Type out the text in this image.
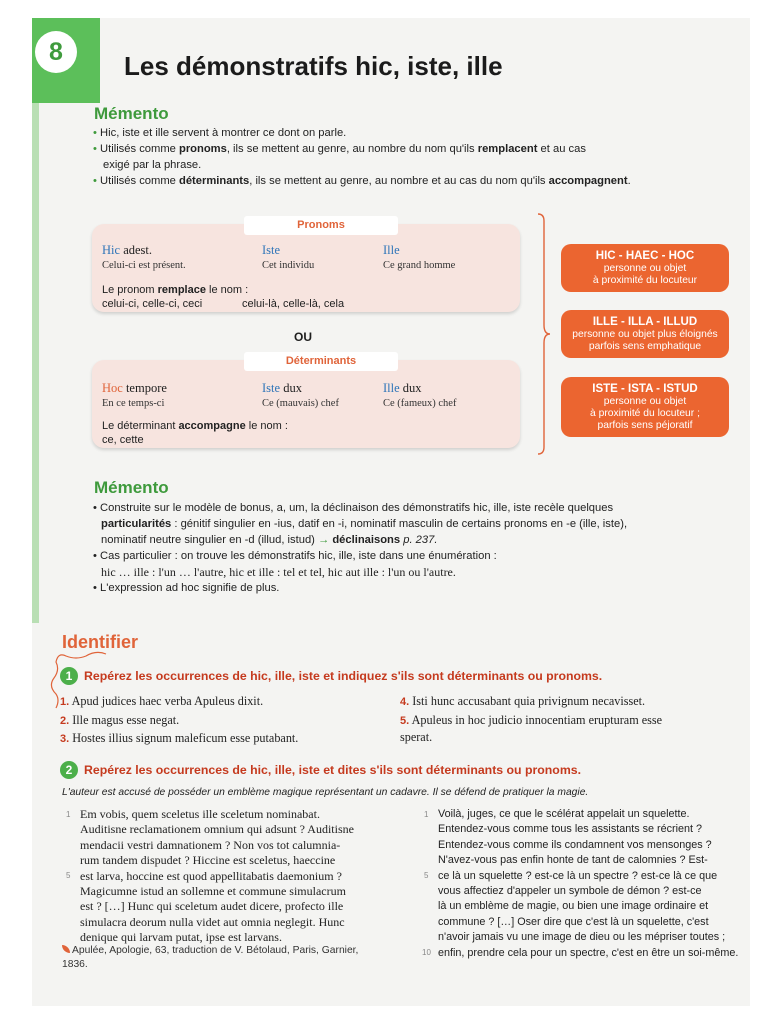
8	Les démonstratifs hic, iste, ille
Mémento
• Hic, iste et ille servent à montrer ce dont on parle.
• Utilisés comme pronoms, ils se mettent au genre, au nombre du nom qu'ils remplacent et au cas
exigé par la phrase.
• Utilisés comme déterminants, ils se mettent au genre, au nombre et au cas du nom qu'ils accompagnent.
Pronoms
Hic adest.
Celui-ci est présent.
Iste
Cet individu
Ille
Ce grand homme
Le pronom remplace le nom :
celui-ci, celle-ci, ceci	celui-là, celle-là, cela
OU
Déterminants
Hoc tempore
En ce temps-ci
Iste dux
Ce (mauvais) chef
Ille dux
Ce (fameux) chef
Le déterminant accompagne le nom :
ce, cette
HIC - HAEC - HOC
personne ou objet
à proximité du locuteur
ILLE - ILLA - ILLUD
personne ou objet plus éloignés
parfois sens emphatique
ISTE - ISTA - ISTUD
personne ou objet
à proximité du locuteur ;
parfois sens péjoratif
Mémento
• Construite sur le modèle de bonus, a, um, la déclinaison des démonstratifs hic, ille, iste recèle quelques
particularités : génitif singulier en -ius, datif en -i, nominatif masculin de certains pronoms en -e (ille, iste),
nominatif neutre singulier en -d (illud, istud) → déclinaisons p. 237.
• Cas particulier : on trouve les démonstratifs hic, ille, iste dans une énumération :
hic … ille : l'un … l'autre, hic et ille : tel et tel, hic aut ille : l'un ou l'autre.
• L'expression ad hoc signifie de plus.
Identifier
1 Repérez les occurrences de hic, ille, iste et indiquez s'ils sont déterminants ou pronoms.
1. Apud judices haec verba Apuleus dixit.
2. Ille magus esse negat.
3. Hostes illius signum maleficum esse putabant.
4. Isti hunc accusabant quia privignum necavisset.
5. Apuleus in hoc judicio innocentiam erupturam esse
sperat.
2 Repérez les occurrences de hic, ille, iste et dites s'ils sont déterminants ou pronoms.
L'auteur est accusé de posséder un emblème magique représentant un cadavre. Il se défend de pratiquer la magie.
Em vobis, quem sceletus ille sceletum nominabat.
Auditisne reclamationem omnium qui adsunt ? Auditisne
mendacii vestri damnationem ? Non vos tot calumnia-
rum tandem dispudet ? Hiccine est sceletus, haeccine
est larva, hoccine est quod appellitabatis daemonium ?
Magicumne istud an sollemne et commune simulacrum
est ? […] Hunc qui sceletum audet dicere, profecto ille
simulacra deorum nulla videt aut omnia neglegit. Hunc
denique qui larvam putat, ipse est larvans.
Voilà, juges, ce que le scélérat appelait un squelette.
Entendez-vous comme tous les assistants se récrient ?
Entendez-vous comme ils condamnent vos mensonges ?
N'avez-vous pas enfin honte de tant de calomnies ? Est-
ce là un squelette ? est-ce là un spectre ? est-ce là ce que
vous affectiez d'appeler un symbole de démon ? est-ce
là un emblème de magie, ou bien une image ordinaire et
commune ? […] Oser dire que c'est là un squelette, c'est
n'avoir jamais vu une image de dieu ou les mépriser toutes ;
enfin, prendre cela pour un spectre, c'est en être un soi-même.
1
5
1
5
10
Apulée, Apologie, 63, traduction de V. Bétolaud, Paris, Garnier,
1836.
